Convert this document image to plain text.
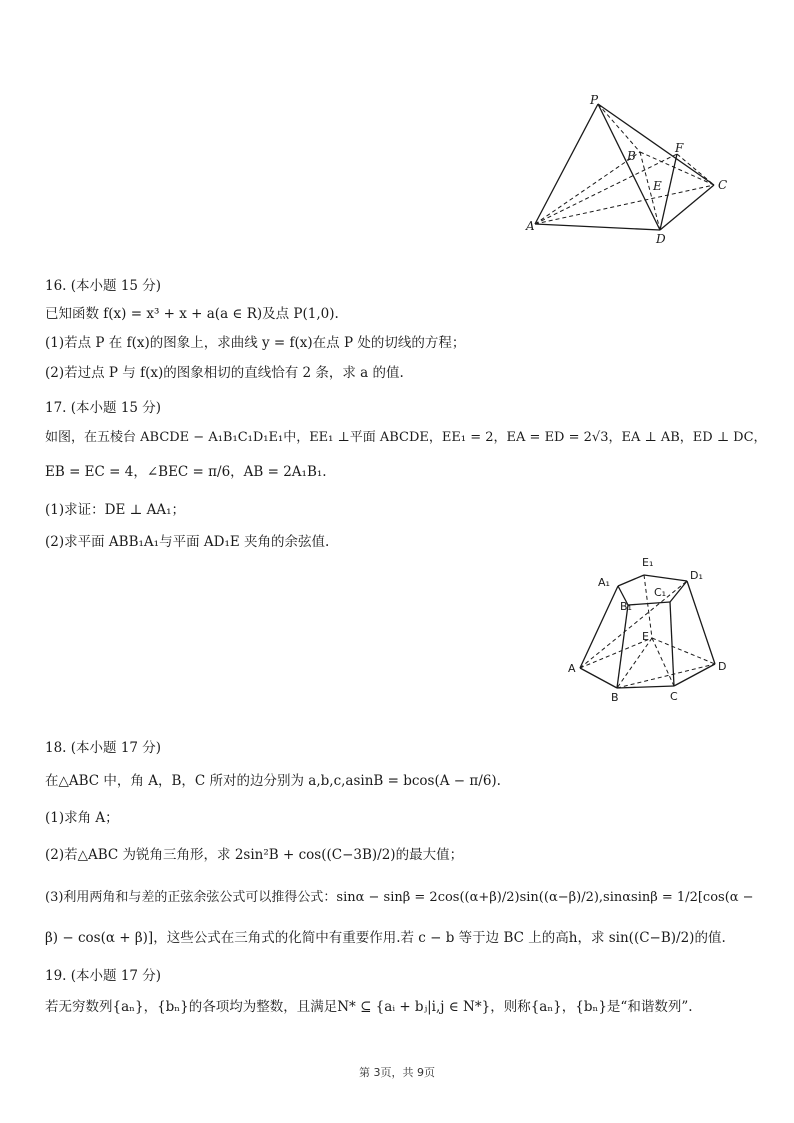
P
B
F
E	C
A
D
16. (本小题 15 分)
已知函数 f(x) = x³ + x + a(a ∈ R)及点 P(1,0).
(1)若点 P 在 f(x)的图象上，求曲线 y = f(x)在点 P 处的切线的方程；
(2)若过点 P 与 f(x)的图象相切的直线恰有 2 条，求 a 的值.
17. (本小题 15 分)
如图，在五棱台 ABCDE − A₁B₁C₁D₁E₁中，EE₁ ⊥平面 ABCDE，EE₁ = 2，EA = ED = 2√3，EA ⊥ AB，ED ⊥ DC，
EB = EC = 4，∠BEC = π/6，AB = 2A₁B₁.
(1)求证：DE ⊥ AA₁；
(2)求平面 ABB₁A₁与平面 AD₁E 夹角的余弦值.
E₁
A₁
D₁
B₁
C₁
E
A	D
B	C
18. (本小题 17 分)
在△ABC 中，角 A，B，C 所对的边分别为 a,b,c,asinB = bcos(A − π/6).
(1)求角 A；
(2)若△ABC 为锐角三角形，求 2sin²B + cos((C−3B)/2)的最大值；
(3)利用两角和与差的正弦余弦公式可以推得公式：sinα − sinβ = 2cos((α+β)/2)sin((α−β)/2),sinαsinβ = 1/2[cos(α −
β) − cos(α + β)]，这些公式在三角式的化简中有重要作用.若 c − b 等于边 BC 上的高h，求 sin((C−B)/2)的值.
19. (本小题 17 分)
若无穷数列{aₙ}，{bₙ}的各项均为整数，且满足N* ⊆ {aᵢ + bⱼ|i,j ∈ N*}，则称{aₙ}，{bₙ}是“和谐数列”.
第 3页，共 9页
